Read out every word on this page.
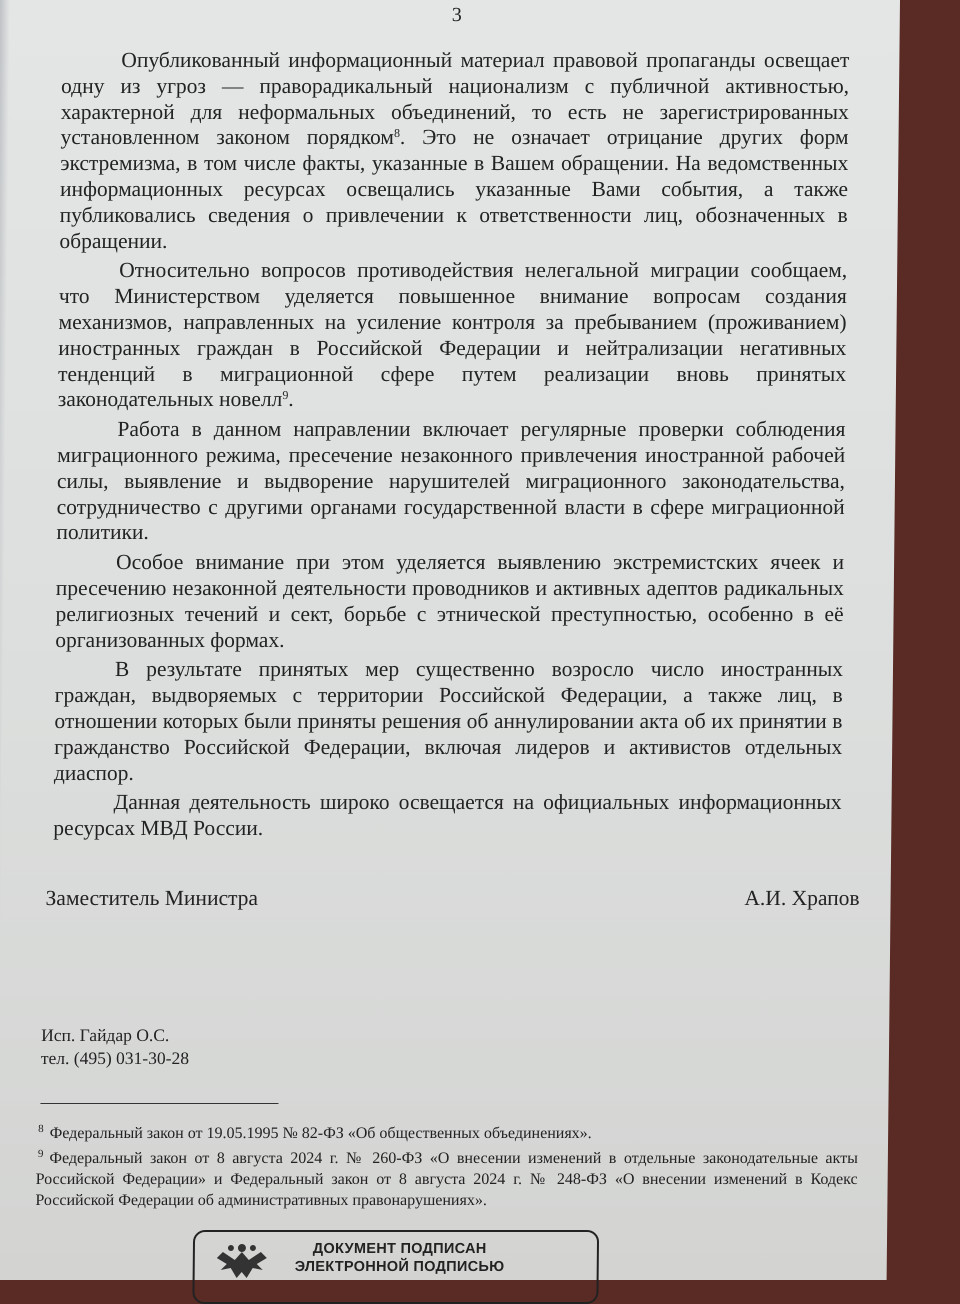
3

Опубликованный информационный материал правовой пропаганды освещает одну из угроз — праворадикальный национализм с публичной активностью, характерной для неформальных объединений, то есть не зарегистрированных установленном законом порядком$^8$. Это не означает отрицание других форм экстремизма, в том числе факты, указанные в Вашем обращении. На ведомственных информационных ресурсах освещались указанные Вами события, а также публиковались сведения о привлечении к ответственности лиц, обозначенных в обращении.

Относительно вопросов противодействия нелегальной миграции сообщаем, что Министерством уделяется повышенное внимание вопросам создания механизмов, направленных на усиление контроля за пребыванием (проживанием) иностранных граждан в Российской Федерации и нейтрализации негативных тенденций в миграционной сфере путем реализации вновь принятых законодательных новелл$^9$.

Работа в данном направлении включает регулярные проверки соблюдения миграционного режима, пресечение незаконного привлечения иностранной рабочей силы, выявление и выдворение нарушителей миграционного законодательства, сотрудничество с другими органами государственной власти в сфере миграционной политики.

Особое внимание при этом уделяется выявлению экстремистских ячеек и пресечению незаконной деятельности проводников и активных адептов радикальных религиозных течений и сект, борьбе с этнической преступностью, особенно в её организованных формах.

В результате принятых мер существенно возросло число иностранных граждан, выдворяемых с территории Российской Федерации, а также лиц, в отношении которых были приняты решения об аннулировании акта об их принятии в гражданство Российской Федерации, включая лидеров и активистов отдельных диаспор.

Данная деятельность широко освещается на официальных информационных ресурсах МВД России.

Заместитель Министра	А.И. Храпов
Исп. Гайдар О.С.
тел. (495) 031-30-28

$^8$ Федеральный закон от 19.05.1995 № 82-ФЗ «Об общественных объединениях».

$^9$ Федеральный закон от 8 августа 2024 г. № 260-ФЗ «О внесении изменений в отдельные законодательные акты Российской Федерации» и Федеральный закон от 8 августа 2024 г. № 248-ФЗ «О внесении изменений в Кодекс Российской Федерации об административных правонарушениях».

ДОКУМЕНТ ПОДПИСАН
ЭЛЕКТРОННОЙ ПОДПИСЬЮ
